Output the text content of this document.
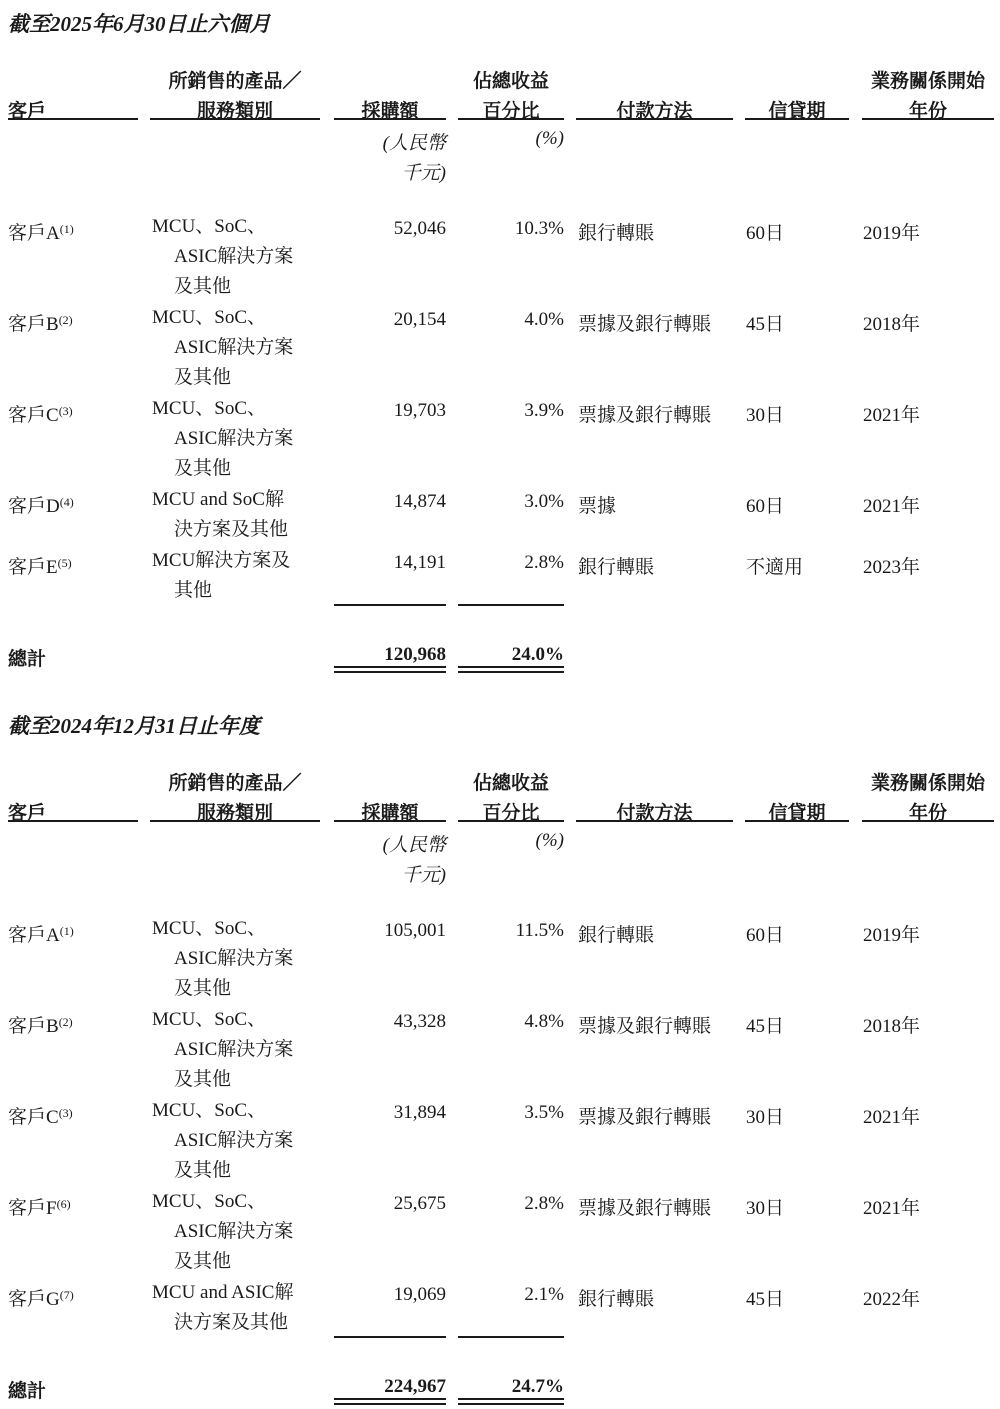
截至2025年6月30日止六個月
所銷售的產品／	佔總收益	業務關係開始
客戶	服務類別	採購額	百分比	付款方法	信貸期	年份
(人民幣
千元)
(%)
客戶$A^{(1)}$	MCU、SoC、
ASIC解決方案
及其他
52,046	10.3% 銀行轉賬	60日	2019年
客戶$B^{(2)}$	MCU、SoC、
ASIC解決方案
及其他
20,154	4.0% 票據及銀行轉賬 45日	2018年
客戶$C^{(3)}$	MCU、SoC、
ASIC解決方案
及其他
19,703	3.9% 票據及銀行轉賬 30日	2021年
客戶$D^{(4)}$	MCU and SoC解
決方案及其他
14,874	3.0% 票據	60日	2021年
客戶$E^{(5)}$	MCU解決方案及
其他
14,191	2.8% 銀行轉賬	不適用	2023年
總計	120,968	24.0%
截至2024年12月31日止年度
所銷售的產品／	佔總收益	業務關係開始
客戶	服務類別	採購額	百分比	付款方法	信貸期	年份
(人民幣
千元)
(%)
客戶$A^{(1)}$	MCU、SoC、
ASIC解決方案
及其他
105,001	11.5% 銀行轉賬	60日	2019年
客戶$B^{(2)}$	MCU、SoC、
ASIC解決方案
及其他
43,328	4.8% 票據及銀行轉賬 45日	2018年
客戶$C^{(3)}$	MCU、SoC、
ASIC解決方案
及其他
31,894	3.5% 票據及銀行轉賬 30日	2021年
客戶$F^{(6)}$	MCU、SoC、
ASIC解決方案
及其他
25,675	2.8% 票據及銀行轉賬 30日	2021年
客戶$G^{(7)}$	MCU and ASIC解
決方案及其他
19,069	2.1% 銀行轉賬	45日	2022年
總計	224,967	24.7%
